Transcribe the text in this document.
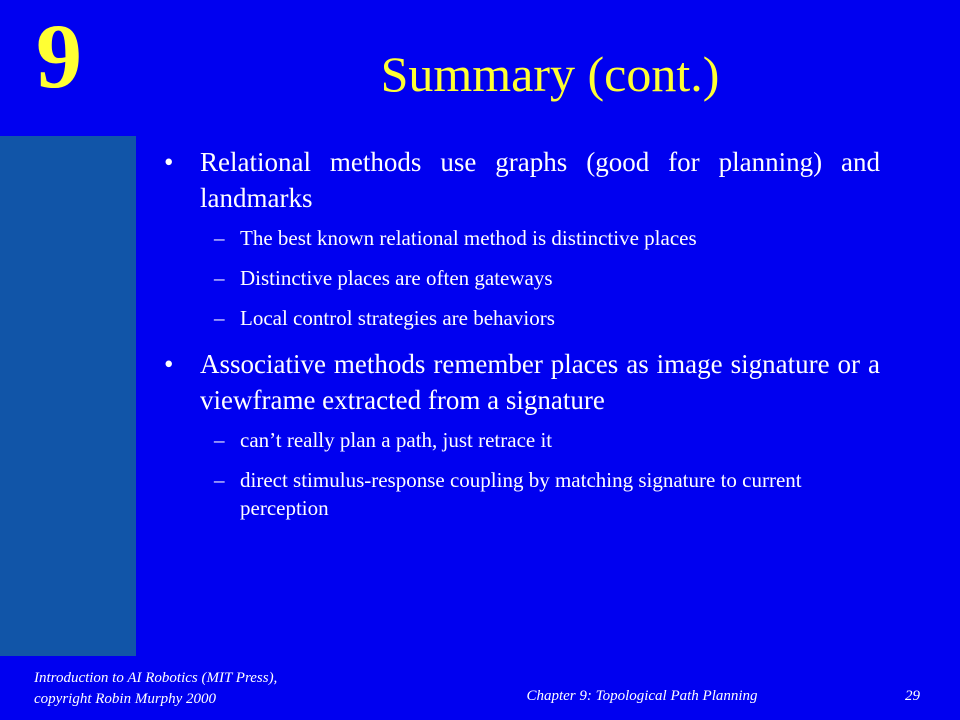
9	Summary (cont.)
• Relational methods use graphs (good for planning) and landmarks
– The best known relational method is distinctive places
– Distinctive places are often gateways
– Local control strategies are behaviors
• Associative methods remember places as image signature or a viewframe extracted from a signature
– can’t really plan a path, just retrace it
– direct stimulus-response coupling by matching signature to current perception
Introduction to AI Robotics (MIT Press),
copyright Robin Murphy 2000	Chapter 9: Topological Path Planning	29
